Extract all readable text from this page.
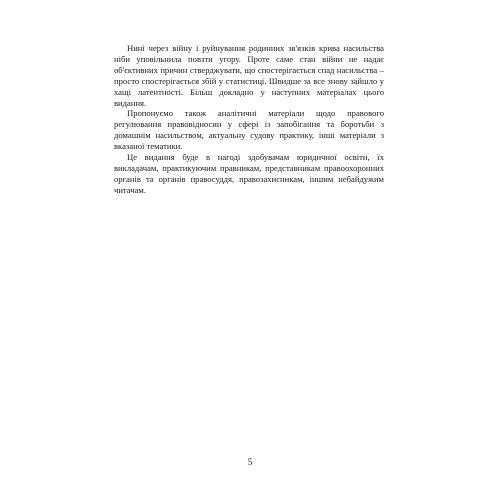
Нині через війну і руйнування родинних зв'язків крива насильства ніби уповільнила повзти угору. Проте саме стан війни не надає об'єктивних причин стверджувати, що спостерігається спад насильства – просто спостерігається збій у статистиці. Швидше за все знову зайшло у хащі латентності. Більш докладно у наступних матеріалах цього видання.

Пропонуємо також аналітичні матеріали щодо правового регулювання правовідносин у сфері із запобігання та боротьби з домашнім насильством, актуальну судову практику, інші матеріали з вказаної тематики.

Це видання буде в нагоді здобувачам юридичної освіти, їх викладачам, практикуючим правникам, представникам правоохоронних органів та органів правосуддя, правозахисникам, іншим небайдужим читачам.

5
